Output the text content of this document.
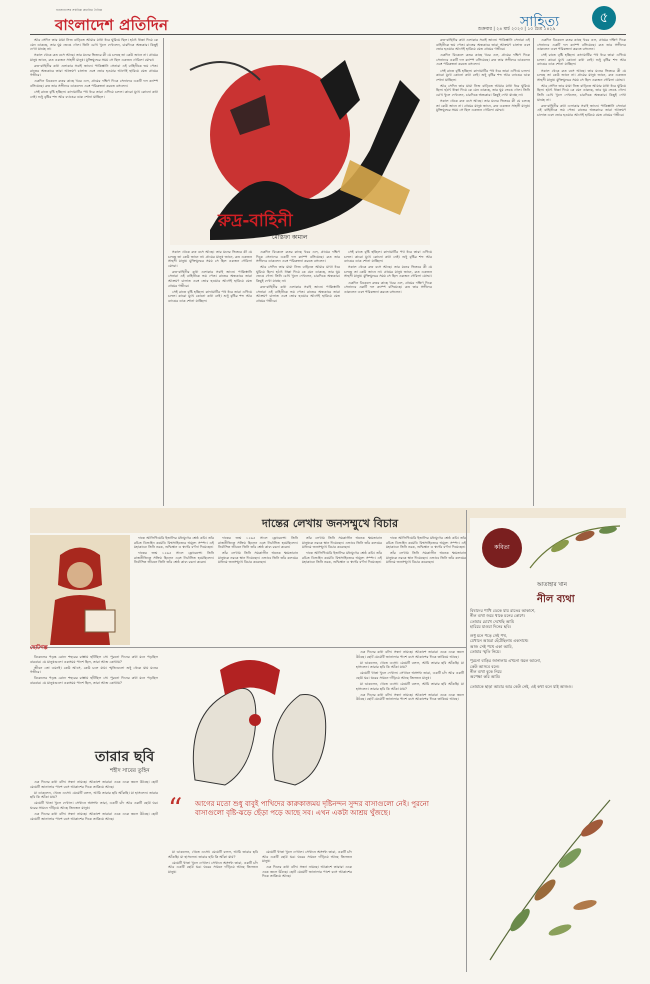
বাংলাদেশের সর্বাধিক প্রচারিত দৈনিক
বাংলাদেশ প্রতিদিন	সাহিত্য	৫
শুক্রবার | ২৪ মার্চ ২০২৩ | ১০ চৈত্র ১৪২৯

আর সেদিন তার মামা নিজ বাড়িতে আমার মাথা ধরে ঘুমিয়ে ছিল। হঠাৎ ধাক্কা দিয়ে কে যেন ডাকছে, তার ঘুম ভেঙে গেল। তিনি চোখ খুলে দেখলেন, চারদিকে অন্ধকার। কিছুই দেখা যাচ্ছে না।

সকাল থেকে রুদ্র বসে আছে। তার মনের ভিতরে কী যে চলছে তা কেউ জানে না। গ্রামের মানুষ জানে, রুদ্র একজন সাহসী মানুষ। মুক্তিযুদ্ধের সময় সে ছিল একজন গেরিলা যোদ্ধা।

রুদ্র-বাহিনীর কথা এলাকার সবাই জানে। পাকিস্তানি সেনারা এই বাহিনীকে ভয় পেত। রাতের অন্ধকারে তারা আক্রমণ চালাত এবং ভোর হওয়ার আগেই হারিয়ে যেত গ্রামের গভীরে।

একদিন বিকেলে রুদ্রর কাছে খবর এল, গ্রামের দক্ষিণ দিকে সেনাদের একটি দল ক্যাম্প বসিয়েছে। রুদ্র তার সঙ্গীদের ডাকলেন এবং পরিকল্পনা করতে বসলেন।

সেই রাতে বৃষ্টি হচ্ছিল। কাদামাটির পথ ধরে তারা এগিয়ে চলল। কারো মুখে কোনো কথা নেই। শুধু বৃষ্টির শব্দ আর ব্যাঙের ডাক শোনা যাচ্ছিল।

রুদ্র-বাহিনী
মোস্তফা কামাল

রুদ্র-বাহিনীর কথা এলাকার সবাই জানে। পাকিস্তানি সেনারা এই বাহিনীকে ভয় পেত। রাতের অন্ধকারে তারা আক্রমণ চালাত এবং ভোর হওয়ার আগেই হারিয়ে যেত গ্রামের গভীরে।

একদিন বিকেলে রুদ্রর কাছে খবর এল, গ্রামের দক্ষিণ দিকে সেনাদের একটি দল ক্যাম্প বসিয়েছে। রুদ্র তার সঙ্গীদের ডাকলেন এবং পরিকল্পনা করতে বসলেন।

সেই রাতে বৃষ্টি হচ্ছিল। কাদামাটির পথ ধরে তারা এগিয়ে চলল। কারো মুখে কোনো কথা নেই। শুধু বৃষ্টির শব্দ আর ব্যাঙের ডাক শোনা যাচ্ছিল।

আর সেদিন তার মামা নিজ বাড়িতে আমার মাথা ধরে ঘুমিয়ে ছিল। হঠাৎ ধাক্কা দিয়ে কে যেন ডাকছে, তার ঘুম ভেঙে গেল। তিনি চোখ খুলে দেখলেন, চারদিকে অন্ধকার। কিছুই দেখা যাচ্ছে না।

সকাল থেকে রুদ্র বসে আছে। তার মনের ভিতরে কী যে চলছে তা কেউ জানে না। গ্রামের মানুষ জানে, রুদ্র একজন সাহসী মানুষ। মুক্তিযুদ্ধের সময় সে ছিল একজন গেরিলা যোদ্ধা।

একদিন বিকেলে রুদ্রর কাছে খবর এল, গ্রামের দক্ষিণ দিকে সেনাদের একটি দল ক্যাম্প বসিয়েছে। রুদ্র তার সঙ্গীদের ডাকলেন এবং পরিকল্পনা করতে বসলেন।

সেই রাতে বৃষ্টি হচ্ছিল। কাদামাটির পথ ধরে তারা এগিয়ে চলল। কারো মুখে কোনো কথা নেই। শুধু বৃষ্টির শব্দ আর ব্যাঙের ডাক শোনা যাচ্ছিল।

সকাল থেকে রুদ্র বসে আছে। তার মনের ভিতরে কী যে চলছে তা কেউ জানে না। গ্রামের মানুষ জানে, রুদ্র একজন সাহসী মানুষ। মুক্তিযুদ্ধের সময় সে ছিল একজন গেরিলা যোদ্ধা।

আর সেদিন তার মামা নিজ বাড়িতে আমার মাথা ধরে ঘুমিয়ে ছিল। হঠাৎ ধাক্কা দিয়ে কে যেন ডাকছে, তার ঘুম ভেঙে গেল। তিনি চোখ খুলে দেখলেন, চারদিকে অন্ধকার। কিছুই দেখা যাচ্ছে না।

রুদ্র-বাহিনীর কথা এলাকার সবাই জানে। পাকিস্তানি সেনারা এই বাহিনীকে ভয় পেত। রাতের অন্ধকারে তারা আক্রমণ চালাত এবং ভোর হওয়ার আগেই হারিয়ে যেত গ্রামের গভীরে।

সকাল থেকে রুদ্র বসে আছে। তার মনের ভিতরে কী যে চলছে তা কেউ জানে না। গ্রামের মানুষ জানে, রুদ্র একজন সাহসী মানুষ। মুক্তিযুদ্ধের সময় সে ছিল একজন গেরিলা যোদ্ধা।

রুদ্র-বাহিনীর কথা এলাকার সবাই জানে। পাকিস্তানি সেনারা এই বাহিনীকে ভয় পেত। রাতের অন্ধকারে তারা আক্রমণ চালাত এবং ভোর হওয়ার আগেই হারিয়ে যেত গ্রামের গভীরে।

সেই রাতে বৃষ্টি হচ্ছিল। কাদামাটির পথ ধরে তারা এগিয়ে চলল। কারো মুখে কোনো কথা নেই। শুধু বৃষ্টির শব্দ আর ব্যাঙের ডাক শোনা যাচ্ছিল।

একদিন বিকেলে রুদ্রর কাছে খবর এল, গ্রামের দক্ষিণ দিকে সেনাদের একটি দল ক্যাম্প বসিয়েছে। রুদ্র তার সঙ্গীদের ডাকলেন এবং পরিকল্পনা করতে বসলেন।

আর সেদিন তার মামা নিজ বাড়িতে আমার মাথা ধরে ঘুমিয়ে ছিল। হঠাৎ ধাক্কা দিয়ে কে যেন ডাকছে, তার ঘুম ভেঙে গেল। তিনি চোখ খুলে দেখলেন, চারদিকে অন্ধকার। কিছুই দেখা যাচ্ছে না।

রুদ্র-বাহিনীর কথা এলাকার সবাই জানে। পাকিস্তানি সেনারা এই বাহিনীকে ভয় পেত। রাতের অন্ধকারে তারা আক্রমণ চালাত এবং ভোর হওয়ার আগেই হারিয়ে যেত গ্রামের গভীরে।

সেই রাতে বৃষ্টি হচ্ছিল। কাদামাটির পথ ধরে তারা এগিয়ে চলল। কারো মুখে কোনো কথা নেই। শুধু বৃষ্টির শব্দ আর ব্যাঙের ডাক শোনা যাচ্ছিল।

সকাল থেকে রুদ্র বসে আছে। তার মনের ভিতরে কী যে চলছে তা কেউ জানে না। গ্রামের মানুষ জানে, রুদ্র একজন সাহসী মানুষ। মুক্তিযুদ্ধের সময় সে ছিল একজন গেরিলা যোদ্ধা।

একদিন বিকেলে রুদ্রর কাছে খবর এল, গ্রামের দক্ষিণ দিকে সেনাদের একটি দল ক্যাম্প বসিয়েছে। রুদ্র তার সঙ্গীদের ডাকলেন এবং পরিকল্পনা করতে বসলেন।

দান্তের লেখায় জনসম্মুখে বিচার

দান্তে আলিগিয়েরি ইতালির মধ্যযুগের শ্রেষ্ঠ কবি। তাঁর রচিত ডিভাইন কমেডি বিশ্বসাহিত্যের অমূল্য সম্পদ। এই মহাকাব্যে তিনি নরক, শুদ্ধিস্থান ও স্বর্গের বর্ণনা দিয়েছেন।

দান্তের জন্ম ১২৬৫ সালে ফ্লোরেন্সে। তিনি রাজনীতিতে সক্রিয় ছিলেন এবং নির্বাসিত হয়েছিলেন। নির্বাসিত জীবনে তিনি তাঁর শ্রেষ্ঠ কাব্য রচনা করেন।

দান্তের জন্ম ১২৬৫ সালে ফ্লোরেন্সে। তিনি রাজনীতিতে সক্রিয় ছিলেন এবং নির্বাসিত হয়েছিলেন। নির্বাসিত জীবনে তিনি তাঁর শ্রেষ্ঠ কাব্য রচনা করেন।

তাঁর লেখায় তিনি সমকালীন অনেক ক্ষমতাবান মানুষকে নরকে স্থান দিয়েছেন। এভাবে তিনি তাঁর কলমের মাধ্যমে জনসম্মুখে বিচার করেছেন।

তাঁর লেখায় তিনি সমকালীন অনেক ক্ষমতাবান মানুষকে নরকে স্থান দিয়েছেন। এভাবে তিনি তাঁর কলমের মাধ্যমে জনসম্মুখে বিচার করেছেন।

দান্তে আলিগিয়েরি ইতালির মধ্যযুগের শ্রেষ্ঠ কবি। তাঁর রচিত ডিভাইন কমেডি বিশ্বসাহিত্যের অমূল্য সম্পদ। এই মহাকাব্যে তিনি নরক, শুদ্ধিস্থান ও স্বর্গের বর্ণনা দিয়েছেন।

দান্তে আলিগিয়েরি ইতালির মধ্যযুগের শ্রেষ্ঠ কবি। তাঁর রচিত ডিভাইন কমেডি বিশ্বসাহিত্যের অমূল্য সম্পদ। এই মহাকাব্যে তিনি নরক, শুদ্ধিস্থান ও স্বর্গের বর্ণনা দিয়েছেন।

তাঁর লেখায় তিনি সমকালীন অনেক ক্ষমতাবান মানুষকে নরকে স্থান দিয়েছেন। এভাবে তিনি তাঁর কলমের মাধ্যমে জনসম্মুখে বিচার করেছেন।

ছোটগল্প

বিকেলের পড়ন্ত রোদে শহরের রাস্তায় হাঁটছিল সে। পুরনো দিনের কথা মনে পড়ছিল বারবার। যে মানুষগুলো একসময় পাশে ছিল, তারা আজ কোথায়?

জীবন তো এমনই। কেউ আসে, কেউ চলে যায়। স্মৃতিগুলো শুধু থেকে যায় মনের গভীরে।

বিকেলের পড়ন্ত রোদে শহরের রাস্তায় হাঁটছিল সে। পুরনো দিনের কথা মনে পড়ছিল বারবার। যে মানুষগুলো একসময় পাশে ছিল, তারা আজ কোথায়?

তারার ছবি
শহীদ সাবের তুহিন
“ আগের মতো শুধু বাবুই পাখিদের কারুকাজময় দৃষ্টিনন্দন সুন্দর বাসাগুলো নেই। পুরনো বাসাগুলো বৃষ্টি-ঝড়ে ছেঁড়া পড়ে আছে সব। এখন একটা আশ্রয় খুঁজছে।

এক দিনের কথা বলি। সন্ধ্যা নামছে। আকাশে তারারা একে একে জ্বলে উঠছে। ছোট মেয়েটি জানালার পাশে বসে আকাশের দিকে তাকিয়ে আছে।

মা ডাকলেন, খেতে এসো। মেয়েটি বলল, আমি তারার ছবি আঁকছি। মা হাসলেন। তারার ছবি কি আঁকা যায়?

মেয়েটি খাতা খুলে দেখাল। সেখানে অসংখ্য তারা, একটি চাঁদ আর একটি ছোট্ট ঘর। ঘরের সামনে দাঁড়িয়ে আছে তিনজন মানুষ।

এক দিনের কথা বলি। সন্ধ্যা নামছে। আকাশে তারারা একে একে জ্বলে উঠছে। ছোট মেয়েটি জানালার পাশে বসে আকাশের দিকে তাকিয়ে আছে।

মা ডাকলেন, খেতে এসো। মেয়েটি বলল, আমি তারার ছবি আঁকছি। মা হাসলেন। তারার ছবি কি আঁকা যায়?

মেয়েটি খাতা খুলে দেখাল। সেখানে অসংখ্য তারা, একটি চাঁদ আর একটি ছোট্ট ঘর। ঘরের সামনে দাঁড়িয়ে আছে তিনজন মানুষ।

মেয়েটি খাতা খুলে দেখাল। সেখানে অসংখ্য তারা, একটি চাঁদ আর একটি ছোট্ট ঘর। ঘরের সামনে দাঁড়িয়ে আছে তিনজন মানুষ।

এক দিনের কথা বলি। সন্ধ্যা নামছে। আকাশে তারারা একে একে জ্বলে উঠছে। ছোট মেয়েটি জানালার পাশে বসে আকাশের দিকে তাকিয়ে আছে।

এক দিনের কথা বলি। সন্ধ্যা নামছে। আকাশে তারারা একে একে জ্বলে উঠছে। ছোট মেয়েটি জানালার পাশে বসে আকাশের দিকে তাকিয়ে আছে।

মা ডাকলেন, খেতে এসো। মেয়েটি বলল, আমি তারার ছবি আঁকছি। মা হাসলেন। তারার ছবি কি আঁকা যায়?

মেয়েটি খাতা খুলে দেখাল। সেখানে অসংখ্য তারা, একটি চাঁদ আর একটি ছোট্ট ঘর। ঘরের সামনে দাঁড়িয়ে আছে তিনজন মানুষ।

মা ডাকলেন, খেতে এসো। মেয়েটি বলল, আমি তারার ছবি আঁকছি। মা হাসলেন। তারার ছবি কি আঁকা যায়?

এক দিনের কথা বলি। সন্ধ্যা নামছে। আকাশে তারারা একে একে জ্বলে উঠছে। ছোট মেয়েটি জানালার পাশে বসে আকাশের দিকে তাকিয়ে আছে।

কবিতা
আতাহার খান
নীল ব্যথা
বিষাদের পাখি ডেকে যায় রাতের আকাশে,
নীল ব্যথা জমে থাকে মনের কোণে।
তোমার চোখে দেখেছি আমি
হারিয়ে যাওয়া দিনের ছবি।
শুধু মনে পড়ে সেই পথ,
যেখানে আমরা হেঁটেছিলাম একসাথে।
আজ সেই পথে একা আমি,
তোমার স্মৃতি নিয়ে।
পুরনো বাড়ির জানালায় এখনো জ্বলে আলো,
কেউ আসবে বলে।
নীল ব্যথা বুকে নিয়ে
অপেক্ষা করি আমি।
তোমাকে ছাড়া আমার আর কেউ নেই, এই কথা বলে যাই আজও।
